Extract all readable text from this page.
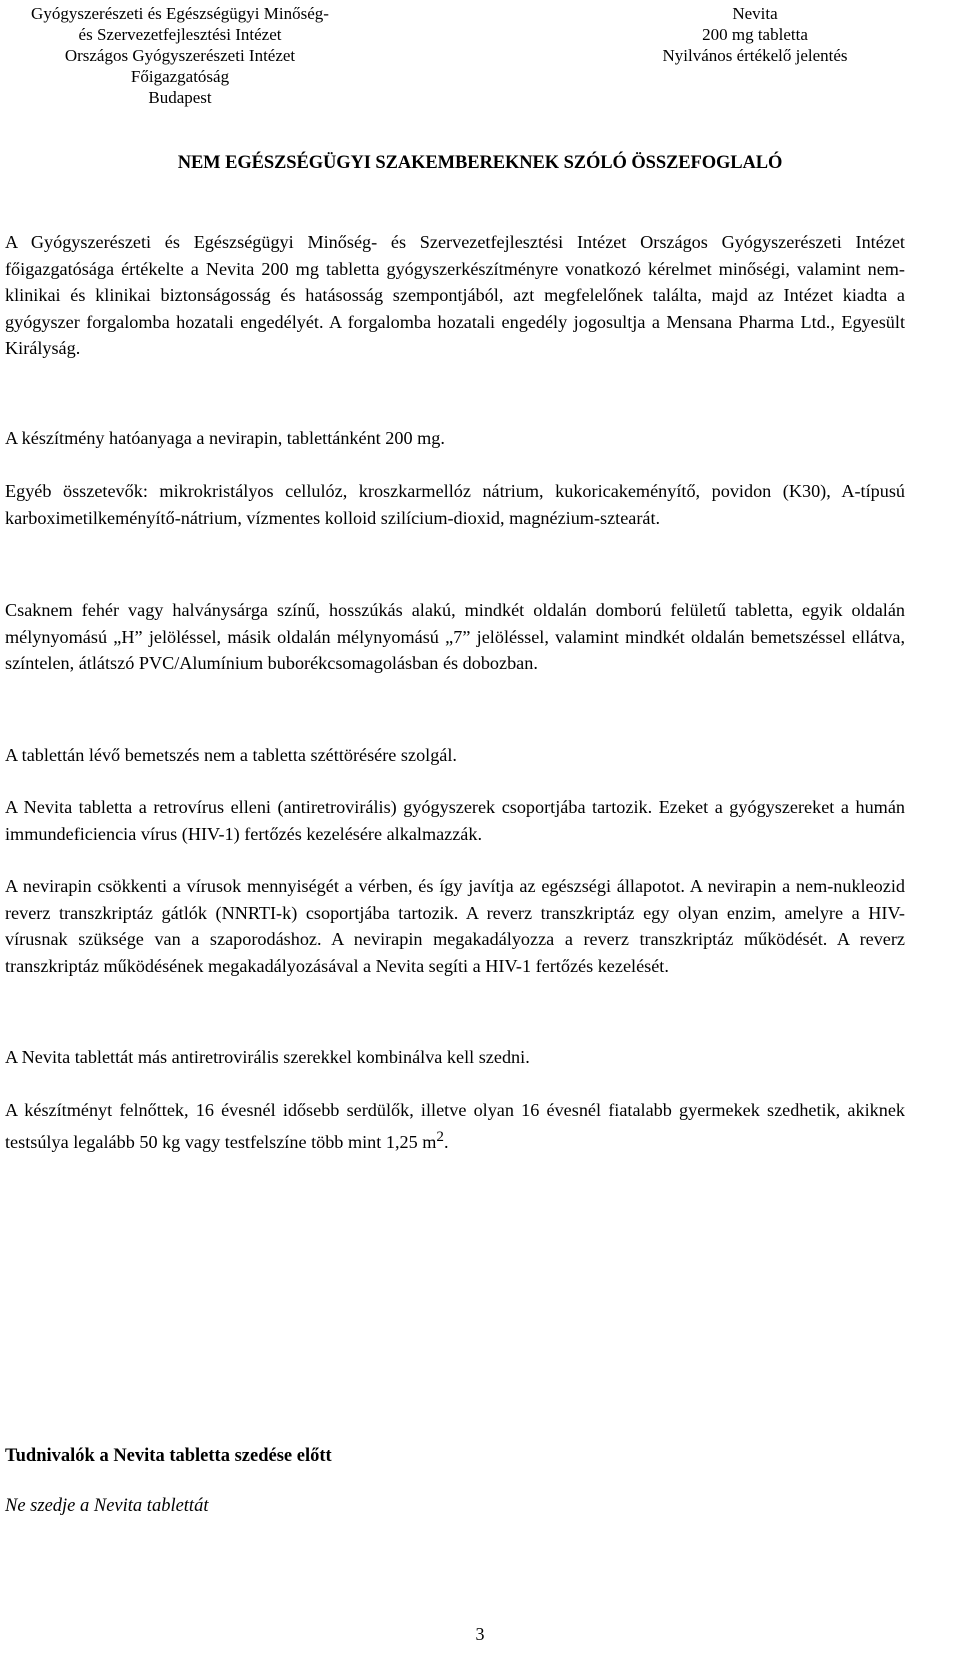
Gyógyszerészeti és Egészségügyi Minőség-
és Szervezetfejlesztési Intézet
Országos Gyógyszerészeti Intézet
Főigazgatóság
Budapest
Nevita
200 mg tabletta
Nyilvános értékelő jelentés
NEM EGÉSZSÉGÜGYI SZAKEMBEREKNEK SZÓLÓ ÖSSZEFOGLALÓ

A Gyógyszerészeti és Egészségügyi Minőség- és Szervezetfejlesztési Intézet Országos Gyógyszerészeti Intézet főigazgatósága értékelte a Nevita 200 mg tabletta gyógyszerkészítményre vonatkozó kérelmet minőségi, valamint nem-klinikai és klinikai biztonságosság és hatásosság szempontjából, azt megfelelőnek találta, majd az Intézet kiadta a gyógyszer forgalomba hozatali engedélyét. A forgalomba hozatali engedély jogosultja a Mensana Pharma Ltd., Egyesült Királyság.

A készítmény hatóanyaga a nevirapin, tablettánként 200 mg.

Egyéb összetevők: mikrokristályos cellulóz, kroszkarmellóz nátrium, kukoricakeményítő, povidon (K30), A-típusú karboximetilkeményítő-nátrium, vízmentes kolloid szilícium-dioxid, magnézium-sztearát.

Csaknem fehér vagy halványsárga színű, hosszúkás alakú, mindkét oldalán domború felületű tabletta, egyik oldalán mélynyomású „H” jelöléssel, másik oldalán mélynyomású „7” jelöléssel, valamint mindkét oldalán bemetszéssel ellátva, színtelen, átlátszó PVC/Alumínium buborékcsomagolásban és dobozban.

A tablettán lévő bemetszés nem a tabletta széttörésére szolgál.

A Nevita tabletta a retrovírus elleni (antiretrovirális) gyógyszerek csoportjába tartozik. Ezeket a gyógyszereket a humán immundeficiencia vírus (HIV-1) fertőzés kezelésére alkalmazzák.

A nevirapin csökkenti a vírusok mennyiségét a vérben, és így javítja az egészségi állapotot. A nevirapin a nem-nukleozid reverz transzkriptáz gátlók (NNRTI-k) csoportjába tartozik. A reverz transzkriptáz egy olyan enzim, amelyre a HIV-vírusnak szüksége van a szaporodáshoz. A nevirapin megakadályozza a reverz transzkriptáz működését. A reverz transzkriptáz működésének megakadályozásával a Nevita segíti a HIV-1 fertőzés kezelését.

A Nevita tablettát más antiretrovirális szerekkel kombinálva kell szedni.

A készítményt felnőttek, 16 évesnél idősebb serdülők, illetve olyan 16 évesnél fiatalabb gyermekek szedhetik, akiknek testsúlya legalább 50 kg vagy testfelszíne több mint 1,25 $m^2$.

Tudnivalók a Nevita tabletta szedése előtt
Ne szedje a Nevita tablettát
3
